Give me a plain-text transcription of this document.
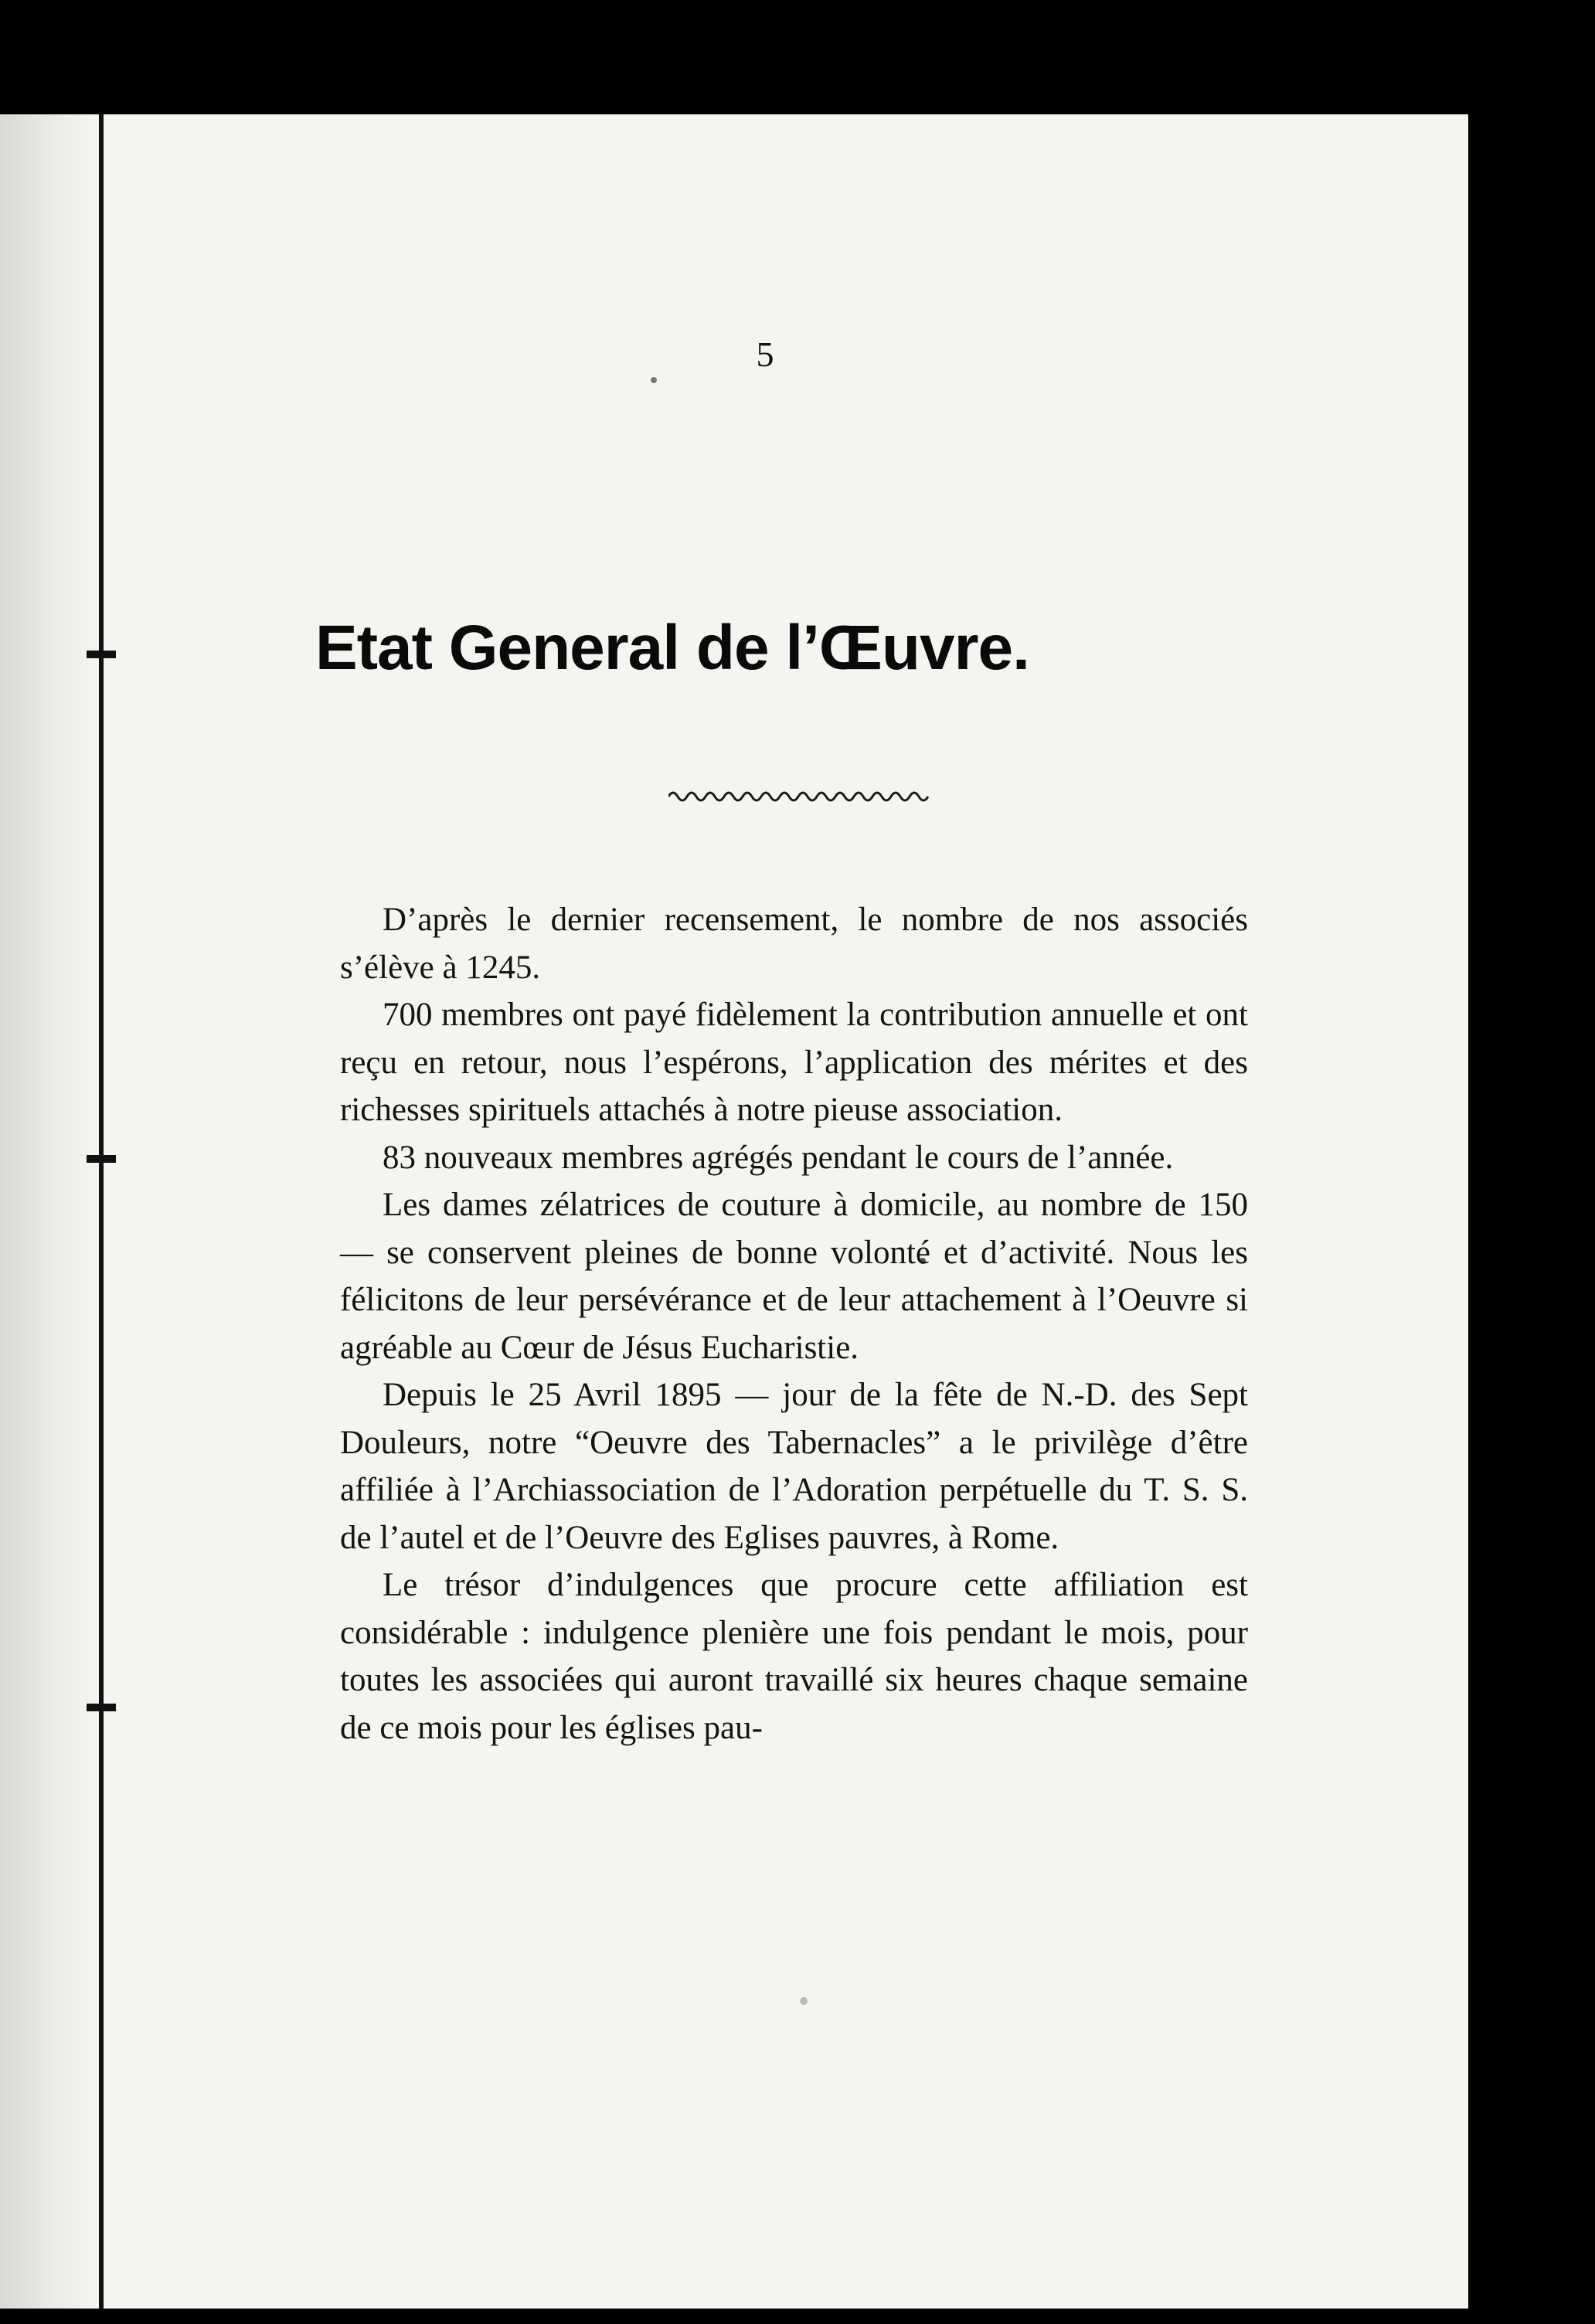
5
Etat General de l’Œuvre.

D’après le dernier recensement, le nombre de nos associés s’élève à 1245.

700 membres ont payé fidèlement la contribution annuelle et ont reçu en retour, nous l’espérons, l’application des mérites et des richesses spirituels attachés à notre pieuse association.

83 nouveaux membres agrégés pendant le cours de l’année.

Les dames zélatrices de couture à domicile, au nombre de 150 — se conservent pleines de bonne volonté et d’activité. Nous les félicitons de leur persévérance et de leur attachement à l’Oeuvre si agréable au Cœur de Jésus Eucharistie.

Depuis le 25 Avril 1895 — jour de la fête de N.-D. des Sept Douleurs, notre “Oeuvre des Tabernacles” a le privilège d’être affiliée à l’Archiassociation de l’Adoration perpétuelle du T. S. S. de l’autel et de l’Oeuvre des Eglises pauvres, à Rome.

Le trésor d’indulgences que procure cette affiliation est considérable : indulgence plenière une fois pendant le mois, pour toutes les associées qui auront travaillé six heures chaque semaine de ce mois pour les églises pau-
